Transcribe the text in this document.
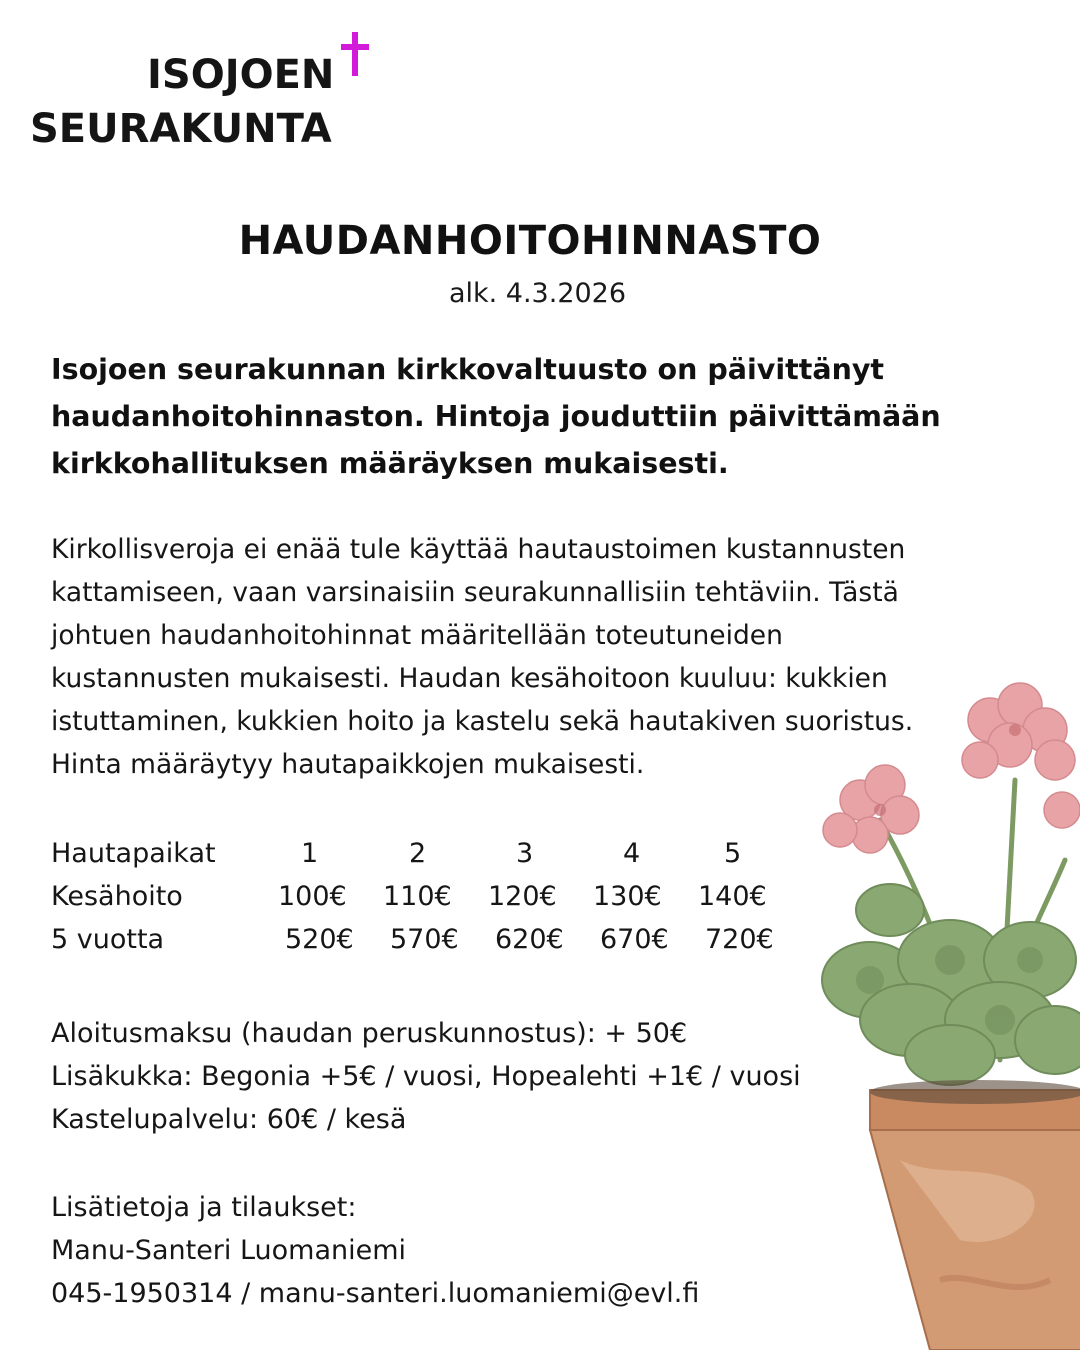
ISOJOEN
SEURAKUNTA
HAUDANHOITOHINNASTO
alk. 4.3.2026
Isojoen seurakunnan kirkkovaltuusto on päivittänyt
haudanhoitohinnaston. Hintoja jouduttiin päivittämään
kirkkohallituksen määräyksen mukaisesti.
Kirkollisveroja ei enää tule käyttää hautaustoimen kustannusten
kattamiseen, vaan varsinaisiin seurakunnallisiin tehtäviin. Tästä
johtuen haudanhoitohinnat määritellään toteutuneiden
kustannusten mukaisesti. Haudan kesähoitoon kuuluu: kukkien
istuttaminen, kukkien hoito ja kastelu sekä hautakiven suoristus.
Hinta määräytyy hautapaikkojen mukaisesti.
Hautapaikat	1	2	3	4	5
Kesähoito	100€ 110€ 120€ 130€ 140€
5 vuotta	520€ 570€ 620€ 670€ 720€
Aloitusmaksu (haudan peruskunnostus): + 50€
Lisäkukka: Begonia +5€ / vuosi, Hopealehti +1€ / vuosi
Kastelupalvelu: 60€ / kesä
Lisätietoja ja tilaukset:
Manu-Santeri Luomaniemi
045-1950314 / manu-santeri.luomaniemi@evl.fi
